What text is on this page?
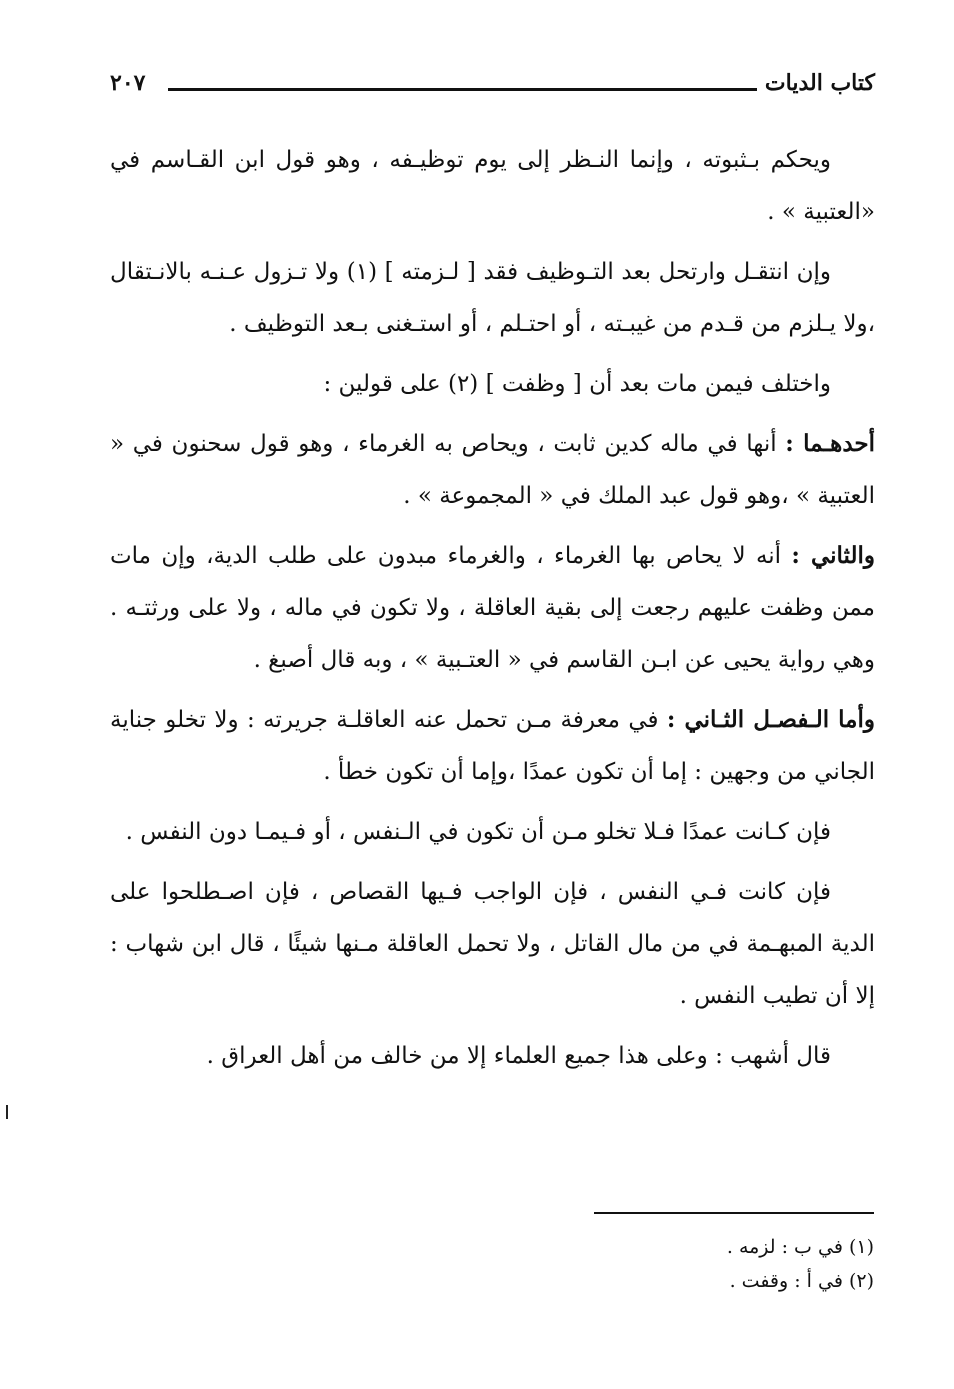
كتاب الديات
٢٠٧

ويحكم بـثبوته ، وإنما النـظر إلى يوم توظيـفه ، وهو قول ابن القـاسم في «العتبية » .

وإن انتقـل وارتحل بعد التـوظيف فقد [ لـزمته ] (١) ولا تـزول عـنـه بالانـتقال ،ولا يـلزم من قـدم من غيبـته ، أو احتـلم ، أو استـغنى بـعد التوظيف .

واختلف فيمن مات بعد أن [ وظفت ] (٢) على قولين :

أحدهـما : أنها في ماله كدين ثابت ، ويحاص به الغرماء ، وهو قول سحنون في « العتبية » ،وهو قول عبد الملك في « المجموعة » .

والثاني : أنه لا يحاص بها الغرماء ، والغرماء مبدون على طلب الدية، وإن مات ممن وظفت عليهم رجعت إلى بقية العاقلة ، ولا تكون في ماله ، ولا على ورثتـه . وهي رواية يحيى عن ابـن القاسم في « العتـبية » ، وبه قال أصبغ .

وأما الـفصـل الثـاني : في معرفة مـن تحمل عنه العاقلـة جريرته : ولا تخلو جناية الجاني من وجهين : إما أن تكون عمدًا ،وإما أن تكون خطأ .

فإن كـانت عمدًا فـلا تخلو مـن أن تكون في الـنفس ، أو فـيمـا دون النفس .

فإن كانت فـي النفس ، فإن الواجب فـيها القصاص ، فإن اصـطلحوا على الدية المبهـمة في من مال القاتل ، ولا تحمل العاقلة مـنها شيئًا ، قال ابن شهاب : إلا أن تطيب النفس .

قال أشهب : وعلى هذا جميع العلماء إلا من خالف من أهل العراق .

(١) في ب : لزمه .
(٢) في أ : وقفت .
